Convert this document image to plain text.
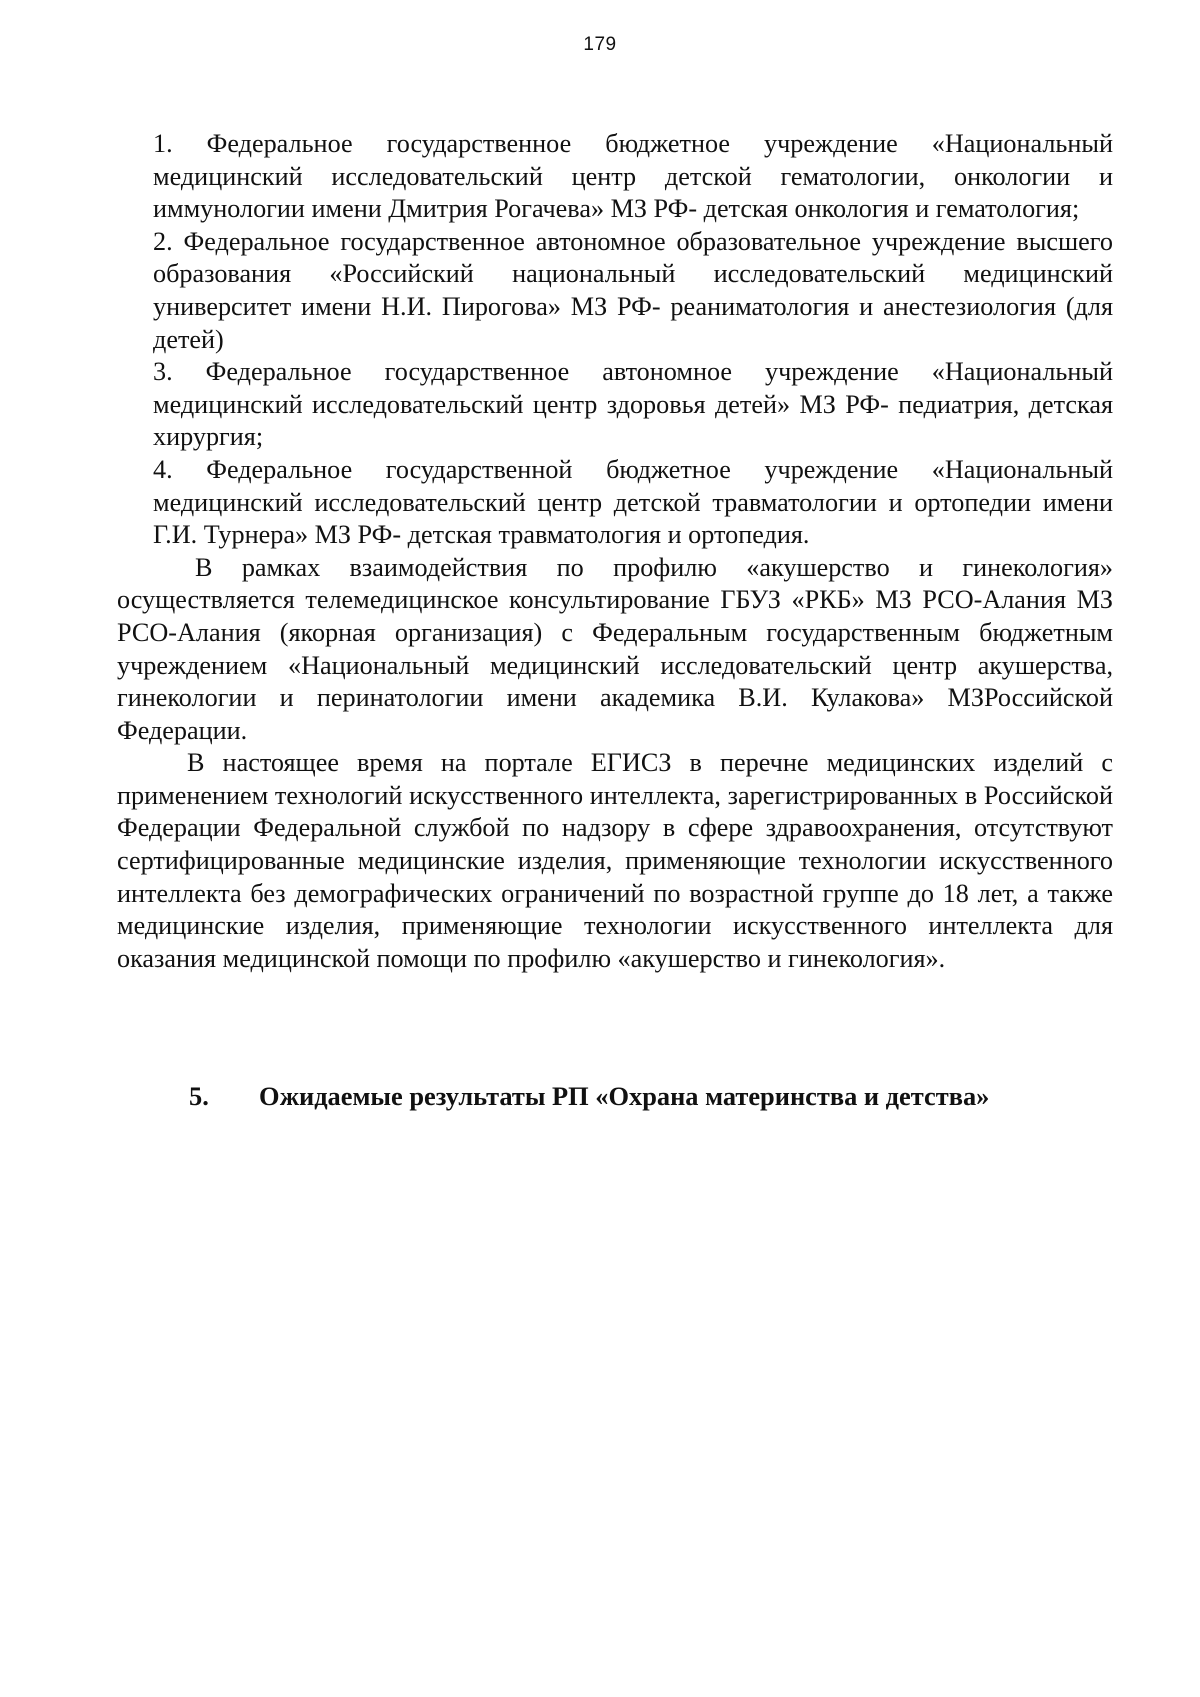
179

1. Федеральное государственное бюджетное учреждение «Национальный медицинский исследовательский центр детской гематологии, онкологии и иммунологии имени Дмитрия Рогачева» МЗ РФ- детская онкология и гематология;

2. Федеральное государственное автономное образовательное учреждение высшего образования «Российский национальный исследовательский медицинский университет имени Н.И. Пирогова» МЗ РФ- реаниматология и анестезиология (для детей)

3. Федеральное государственное автономное учреждение «Национальный медицинский исследовательский центр здоровья детей» МЗ РФ- педиатрия, детская хирургия;

4. Федеральное государственной бюджетное учреждение «Национальный медицинский исследовательский центр детской травматологии и ортопедии имени Г.И. Турнера» МЗ РФ- детская травматология и ортопедия.

В рамках взаимодействия по профилю «акушерство и гинекология» осуществляется телемедицинское консультирование ГБУЗ «РКБ» МЗ РСО-Алания МЗ РСО-Алания (якорная организация) с Федеральным государственным бюджетным учреждением «Национальный медицинский исследовательский центр акушерства, гинекологии и перинатологии имени академика В.И. Кулакова» МЗРоссийской Федерации.

В настоящее время на портале ЕГИСЗ в перечне медицинских изделий с применением технологий искусственного интеллекта, зарегистрированных в Российской Федерации Федеральной службой по надзору в сфере здравоохранения, отсутствуют сертифицированные медицинские изделия, применяющие технологии искусственного интеллекта без демографических ограничений по возрастной группе до 18 лет, а также медицинские изделия, применяющие технологии искусственного интеллекта для оказания медицинской помощи по профилю «акушерство и гинекология».

5. Ожидаемые результаты РП «Охрана материнства и детства»
